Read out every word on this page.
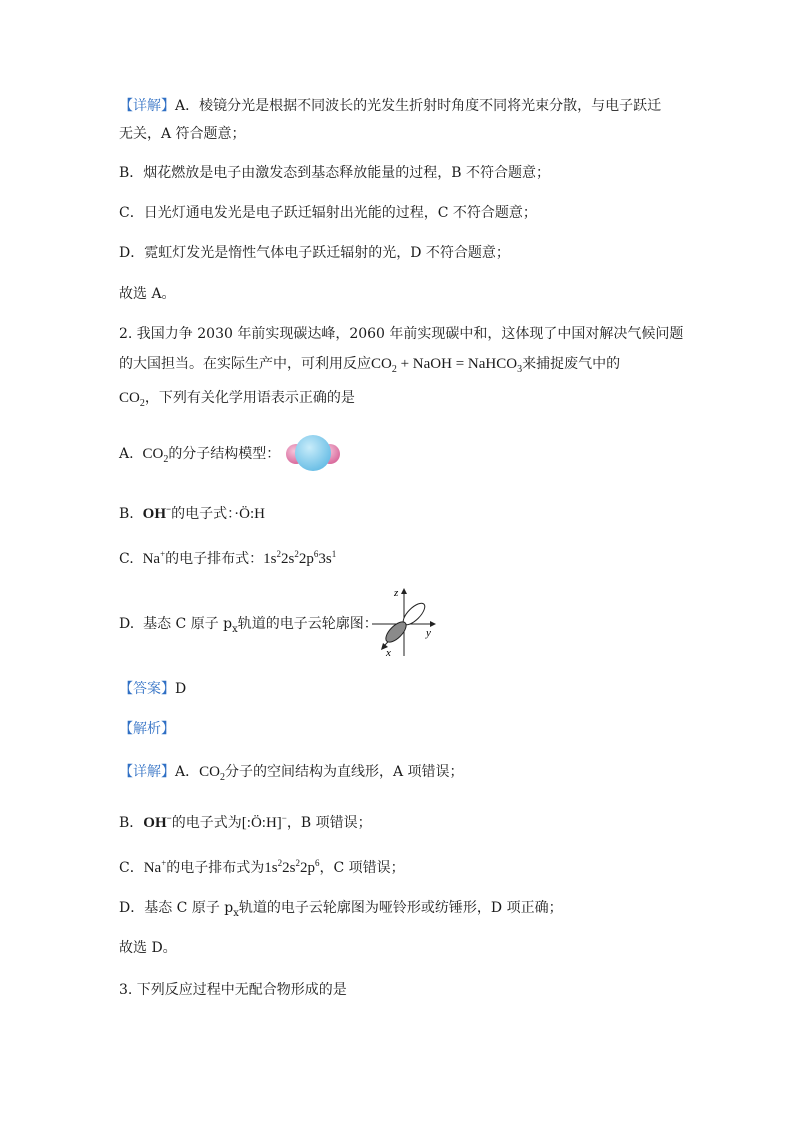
【详解】A．棱镜分光是根据不同波长的光发生折射时角度不同将光束分散，与电子跃迁
无关，A 符合题意；
B．烟花燃放是电子由激发态到基态释放能量的过程，B 不符合题意；
C．日光灯通电发光是电子跃迁辐射出光能的过程，C 不符合题意；
D．霓虹灯发光是惰性气体电子跃迁辐射的光，D 不符合题意；
故选 A。
2. 我国力争 2030 年前实现碳达峰，2060 年前实现碳中和，这体现了中国对解决气候问题
的大国担当。在实际生产中，可利用反应$CO_2$ + NaOH = NaHCO$_3$来捕捉废气中的
$CO_2$，下列有关化学用语表示正确的是
A. $CO_2$的分子结构模型：
B. OH−的电子式：·Ö:H
C. Na+的电子排布式：$1s^22s^22p^63s^1$
D. 基态 C 原子 $p_x$轨道的电子云轮廓图：
z
y
x
【答案】D
【解析】
【详解】A．$CO_2$分子的空间结构为直线形，A 项错误；
B．OH−的电子式为[:Ö:H]−，B 项错误；
C．Na+的电子排布式为$1s^22s^22p^6$，C 项错误；
D．基态 C 原子 $p_x$轨道的电子云轮廓图为哑铃形或纺锤形，D 项正确；
故选 D。
3. 下列反应过程中无配合物形成的是
